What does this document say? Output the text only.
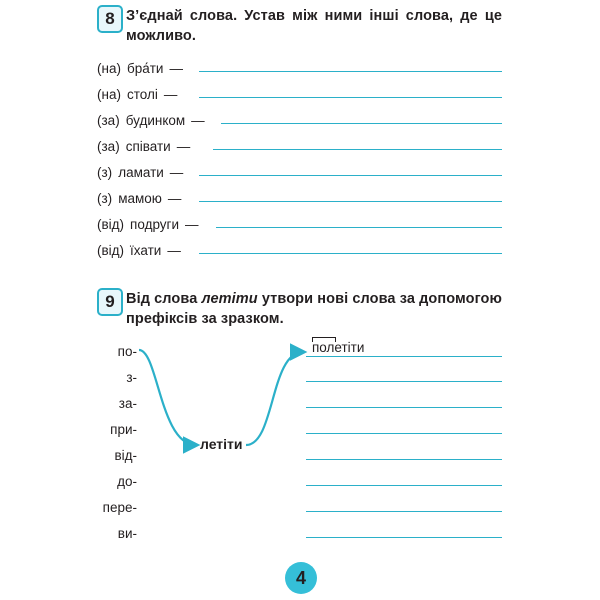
8 З’єднай слова. Устав між ними інші слова, де це можливо.
(на) бра́ти —
(на) столі —
(за) будинком —
(за) співати —
(з) ламати —
(з) мамою —
(від) подруги —
(від) їхати —
9 Від слова летіти утвори нові слова за допомогою префіксів за зразком.
по-
з-
за-
при-
від-
до-
пере-
ви-
летіти
полетіти
4
